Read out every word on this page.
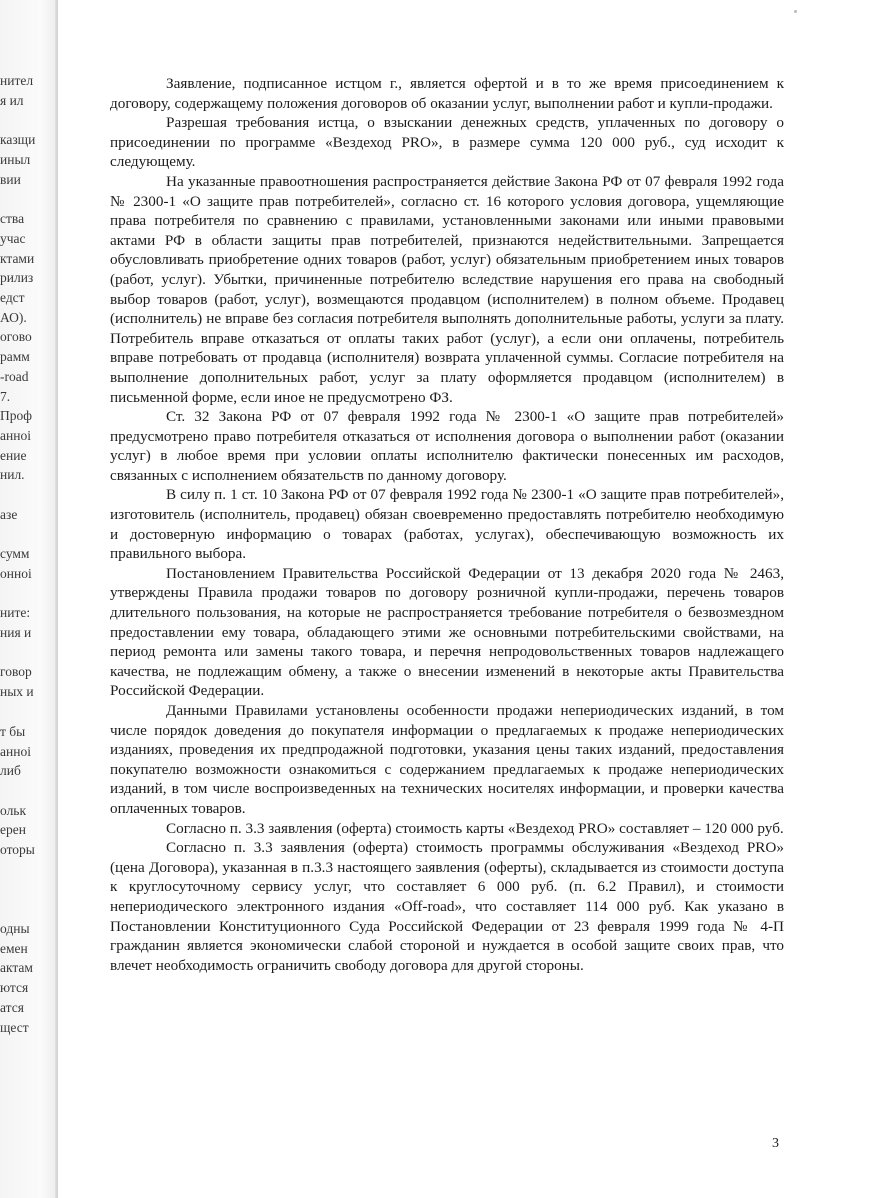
нител

я ил

казщи

иныл

вии

ства

учас

ктами

рилиз

едст

АО).

огово

рамм

-road

7.

Проф

анноі

ение

нил.

азе

сумм

онноі

ните:

ния и

говор

ных и

т бы

анноі

либ

ольк

ерен

оторы

одны

емен

актам

ются

атся

щест

Заявление, подписанное истцом г., является офертой и в то же время присоединением к договору, содержащему положения договоров об оказании услуг, выполнении работ и купли-продажи.

Разрешая требования истца, о взыскании денежных средств, уплаченных по договору о присоединении по программе «Вездеход PRO», в размере сумма 120 000 руб., суд исходит к следующему.

На указанные правоотношения распространяется действие Закона РФ от 07 февраля 1992 года № 2300-1 «О защите прав потребителей», согласно ст. 16 которого условия договора, ущемляющие права потребителя по сравнению с правилами, установленными законами или иными правовыми актами РФ в области защиты прав потребителей, признаются недействительными. Запрещается обусловливать приобретение одних товаров (работ, услуг) обязательным приобретением иных товаров (работ, услуг). Убытки, причиненные потребителю вследствие нарушения его права на свободный выбор товаров (работ, услуг), возмещаются продавцом (исполнителем) в полном объеме. Продавец (исполнитель) не вправе без согласия потребителя выполнять дополнительные работы, услуги за плату. Потребитель вправе отказаться от оплаты таких работ (услуг), а если они оплачены, потребитель вправе потребовать от продавца (исполнителя) возврата уплаченной суммы. Согласие потребителя на выполнение дополнительных работ, услуг за плату оформляется продавцом (исполнителем) в письменной форме, если иное не предусмотрено ФЗ.

Ст. 32 Закона РФ от 07 февраля 1992 года № 2300-1 «О защите прав потребителей» предусмотрено право потребителя отказаться от исполнения договора о выполнении работ (оказании услуг) в любое время при условии оплаты исполнителю фактически понесенных им расходов, связанных с исполнением обязательств по данному договору.

В силу п. 1 ст. 10 Закона РФ от 07 февраля 1992 года № 2300-1 «О защите прав потребителей», изготовитель (исполнитель, продавец) обязан своевременно предоставлять потребителю необходимую и достоверную информацию о товарах (работах, услугах), обеспечивающую возможность их правильного выбора.

Постановлением Правительства Российской Федерации от 13 декабря 2020 года № 2463, утверждены Правила продажи товаров по договору розничной купли-продажи, перечень товаров длительного пользования, на которые не распространяется требование потребителя о безвозмездном предоставлении ему товара, обладающего этими же основными потребительскими свойствами, на период ремонта или замены такого товара, и перечня непродовольственных товаров надлежащего качества, не подлежащим обмену, а также о внесении изменений в некоторые акты Правительства Российской Федерации.

Данными Правилами установлены особенности продажи непериодических изданий, в том числе порядок доведения до покупателя информации о предлагаемых к продаже непериодических изданиях, проведения их предпродажной подготовки, указания цены таких изданий, предоставления покупателю возможности ознакомиться с содержанием предлагаемых к продаже непериодических изданий, в том числе воспроизведенных на технических носителях информации, и проверки качества оплаченных товаров.

Согласно п. 3.3 заявления (оферта) стоимость карты «Вездеход PRO» составляет – 120 000 руб.

Согласно п. 3.3 заявления (оферта) стоимость программы обслуживания «Вездеход PRO» (цена Договора), указанная в п.3.3 настоящего заявления (оферты), складывается из стоимости доступа к круглосуточному сервису услуг, что составляет 6 000 руб. (п. 6.2 Правил), и стоимости непериодического электронного издания «Off-road», что составляет 114 000 руб. Как указано в Постановлении Конституционного Суда Российской Федерации от 23 февраля 1999 года № 4-П гражданин является экономически слабой стороной и нуждается в особой защите своих прав, что влечет необходимость ограничить свободу договора для другой стороны.

3
